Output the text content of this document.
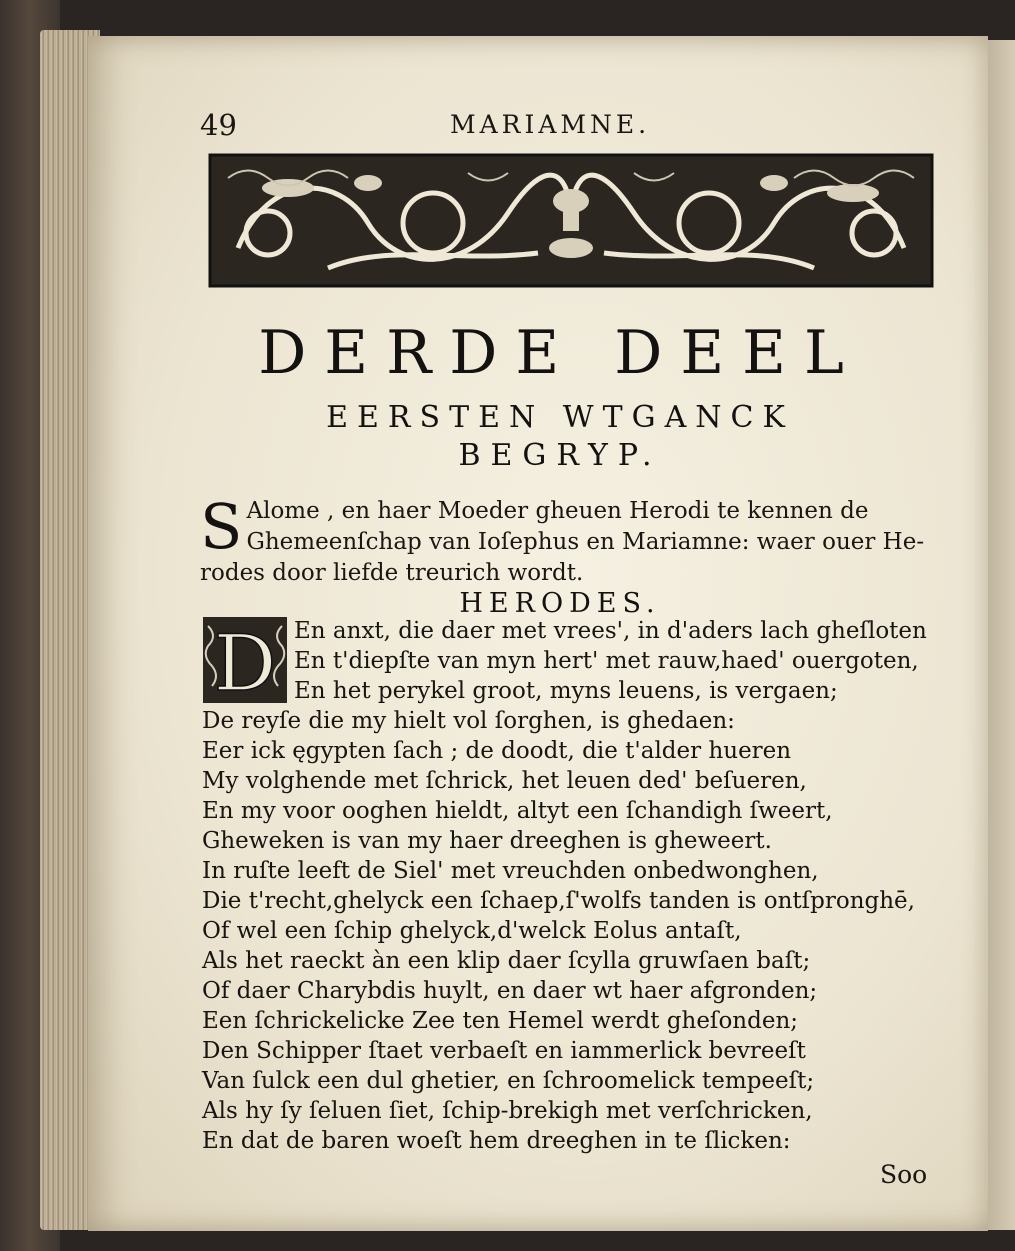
49	MARIAMNE.
DERDE DEEL
EERSTEN WTGANCK
BEGRYP.
S Alome , en haer Moeder gheuen Herodi te kennen de
Ghemeenſchap van Ioſephus en Mariamne: waer ouer He-
rodes door liefde treurich wordt.
HERODES.
D En anxt, die daer met vrees', in d'aders lach gheſloten
En t'diepſte van myn hert' met rauw,haed' ouergoten,
En het perykel groot, myns leuens, is vergaen;
De reyſe die my hielt vol ſorghen, is ghedaen:
Eer ick ęgypten ſach ; de doodt, die t'alder hueren
My volghende met ſchrick, het leuen ded' beſueren,
En my voor ooghen hieldt, altyt een ſchandigh ſweert,
Gheweken is van my haer dreeghen is gheweert.
In ruſte leeft de Siel' met vreuchden onbedwonghen,
Die t'recht,ghelyck een ſchaep,ſ'wolfs tanden is ontſpronghē,
Of wel een ſchip ghelyck,d'welck Eolus antaſt,
Als het raeckt àn een klip daer ſcylla gruwſaen baſt;
Of daer Charybdis huylt, en daer wt haer afgronden;
Een ſchrickelicke Zee ten Hemel werdt gheſonden;
Den Schipper ſtaet verbaeſt en iammerlick bevreeſt
Van ſulck een dul ghetier, en ſchroomelick tempeeſt;
Als hy ſy ſeluen ſiet, ſchip-brekigh met verſchricken,
En dat de baren woeſt hem dreeghen in te ſlicken:
Soo
